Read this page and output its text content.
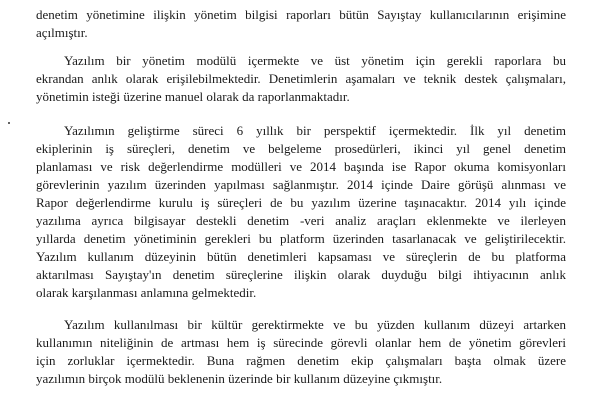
denetim yönetimine ilişkin yönetim bilgisi raporları bütün Sayıştay kullanıcılarının erişimine
açılmıştır.
Yazılım bir yönetim modülü içermekte ve üst yönetim için gerekli raporlara bu
ekrandan anlık olarak erişilebilmektedir. Denetimlerin aşamaları ve teknik destek çalışmaları,
yönetimin isteği üzerine manuel olarak da raporlanmaktadır.
Yazılımın geliştirme süreci 6 yıllık bir perspektif içermektedir. İlk yıl denetim
ekiplerinin iş süreçleri, denetim ve belgeleme prosedürleri, ikinci yıl genel denetim
planlaması ve risk değerlendirme modülleri ve 2014 başında ise Rapor okuma komisyonları
görevlerinin yazılım üzerinden yapılması sağlanmıştır. 2014 içinde Daire görüşü alınması ve
Rapor değerlendirme kurulu iş süreçleri de bu yazılım üzerine taşınacaktır. 2014 yılı içinde
yazılıma ayrıca bilgisayar destekli denetim -veri analiz araçları eklenmekte ve ilerleyen
yıllarda denetim yönetiminin gerekleri bu platform üzerinden tasarlanacak ve geliştirilecektir.
Yazılım kullanım düzeyinin bütün denetimleri kapsaması ve süreçlerin de bu platforma
aktarılması Sayıştay'ın denetim süreçlerine ilişkin olarak duyduğu bilgi ihtiyacının anlık
olarak karşılanması anlamına gelmektedir.
Yazılım kullanılması bir kültür gerektirmekte ve bu yüzden kullanım düzeyi artarken
kullanımın niteliğinin de artması hem iş sürecinde görevli olanlar hem de yönetim görevleri
için zorluklar içermektedir. Buna rağmen denetim ekip çalışmaları başta olmak üzere
yazılımın birçok modülü beklenenin üzerinde bir kullanım düzeyine çıkmıştır.
